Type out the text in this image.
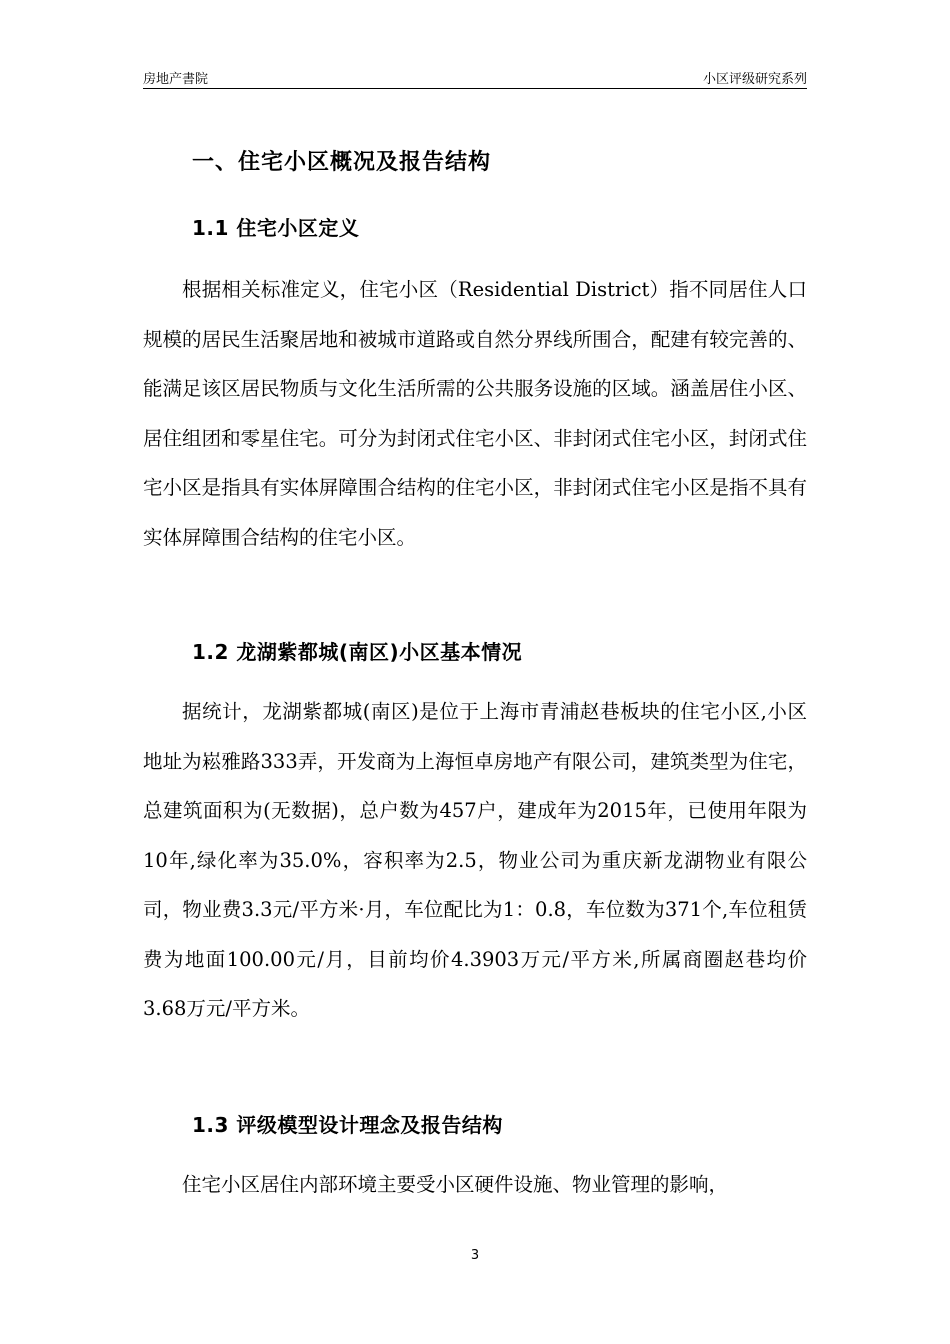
房地产書院	小区评级研究系列
一、住宅小区概况及报告结构
1.1 住宅小区定义

根据相关标准定义，住宅小区（Residential District）指不同居住人口规模的居民生活聚居地和被城市道路或自然分界线所围合，配建有较完善的、能满足该区居民物质与文化生活所需的公共服务设施的区域。涵盖居住小区、居住组团和零星住宅。可分为封闭式住宅小区、非封闭式住宅小区，封闭式住宅小区是指具有实体屏障围合结构的住宅小区，非封闭式住宅小区是指不具有实体屏障围合结构的住宅小区。

1.2 龙湖紫都城(南区)小区基本情况

据统计，龙湖紫都城(南区)是位于上海市青浦赵巷板块的住宅小区,小区地址为崧雅路333弄，开发商为上海恒卓房地产有限公司，建筑类型为住宅，总建筑面积为(无数据)，总户数为457户，建成年为2015年，已使用年限为10年,绿化率为35.0%，容积率为2.5，物业公司为重庆新龙湖物业有限公司，物业费3.3元/平方米·月，车位配比为1：0.8，车位数为371个,车位租赁费为地面100.00元/月，目前均价4.3903万元/平方米,所属商圈赵巷均价3.68万元/平方米。

1.3 评级模型设计理念及报告结构

住宅小区居住内部环境主要受小区硬件设施、物业管理的影响，

3
